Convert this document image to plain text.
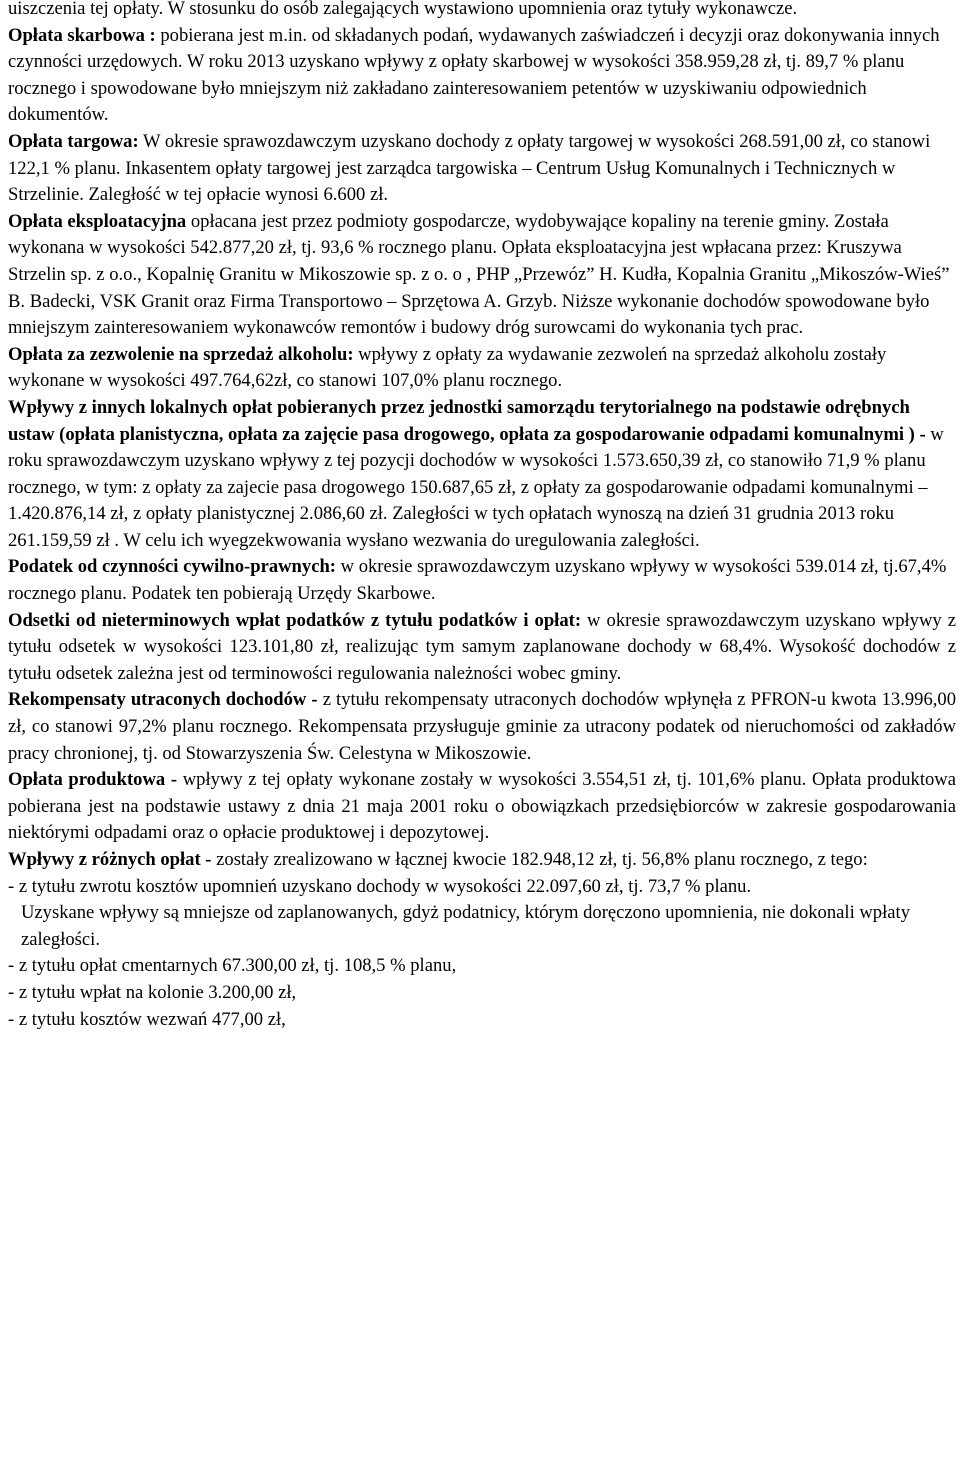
uiszczenia tej opłaty. W stosunku do osób zalegających wystawiono upomnienia oraz tytuły wykonawcze.

Opłata skarbowa : pobierana jest m.in. od składanych podań, wydawanych zaświadczeń i decyzji oraz dokonywania innych czynności urzędowych. W roku 2013 uzyskano wpływy z opłaty skarbowej w wysokości 358.959,28 zł, tj. 89,7 % planu rocznego i spowodowane było mniejszym niż zakładano zainteresowaniem petentów w uzyskiwaniu odpowiednich dokumentów.

Opłata targowa: W okresie sprawozdawczym uzyskano dochody z opłaty targowej w wysokości 268.591,00 zł, co stanowi 122,1 % planu. Inkasentem opłaty targowej jest zarządca targowiska – Centrum Usług Komunalnych i Technicznych w Strzelinie. Zaległość w tej opłacie wynosi 6.600 zł.

Opłata eksploatacyjna opłacana jest przez podmioty gospodarcze, wydobywające kopaliny na terenie gminy. Została wykonana w wysokości 542.877,20 zł, tj. 93,6 % rocznego planu. Opłata eksploatacyjna jest wpłacana przez: Kruszywa Strzelin sp. z o.o., Kopalnię Granitu w Mikoszowie sp. z o. o , PHP „Przewóz” H. Kudła, Kopalnia Granitu „Mikoszów-Wieś” B. Badecki, VSK Granit oraz Firma Transportowo – Sprzętowa A. Grzyb. Niższe wykonanie dochodów spowodowane było mniejszym zainteresowaniem wykonawców remontów i budowy dróg surowcami do wykonania tych prac.

Opłata za zezwolenie na sprzedaż alkoholu: wpływy z opłaty za wydawanie zezwoleń na sprzedaż alkoholu zostały wykonane w wysokości 497.764,62zł, co stanowi 107,0% planu rocznego.

Wpływy z innych lokalnych opłat pobieranych przez jednostki samorządu terytorialnego na podstawie odrębnych ustaw (opłata planistyczna, opłata za zajęcie pasa drogowego, opłata za gospodarowanie odpadami komunalnymi ) - w roku sprawozdawczym uzyskano wpływy z tej pozycji dochodów w wysokości 1.573.650,39 zł, co stanowiło 71,9 % planu rocznego, w tym: z opłaty za zajecie pasa drogowego 150.687,65 zł, z opłaty za gospodarowanie odpadami komunalnymi – 1.420.876,14 zł, z opłaty planistycznej 2.086,60 zł. Zaległości w tych opłatach wynoszą na dzień 31 grudnia 2013 roku 261.159,59 zł . W celu ich wyegzekwowania wysłano wezwania do uregulowania zaległości.

Podatek od czynności cywilno-prawnych: w okresie sprawozdawczym uzyskano wpływy w wysokości 539.014 zł, tj.67,4% rocznego planu. Podatek ten pobierają Urzędy Skarbowe.

Odsetki od nieterminowych wpłat podatków z tytułu podatków i opłat: w okresie sprawozdawczym uzyskano wpływy z tytułu odsetek w wysokości 123.101,80 zł, realizując tym samym zaplanowane dochody w 68,4%. Wysokość dochodów z tytułu odsetek zależna jest od terminowości regulowania należności wobec gminy.

Rekompensaty utraconych dochodów - z tytułu rekompensaty utraconych dochodów wpłynęła z PFRON-u kwota 13.996,00 zł, co stanowi 97,2% planu rocznego. Rekompensata przysługuje gminie za utracony podatek od nieruchomości od zakładów pracy chronionej, tj. od Stowarzyszenia Św. Celestyna w Mikoszowie.

Opłata produktowa - wpływy z tej opłaty wykonane zostały w wysokości 3.554,51 zł, tj. 101,6% planu. Opłata produktowa pobierana jest na podstawie ustawy z dnia 21 maja 2001 roku o obowiązkach przedsiębiorców w zakresie gospodarowania niektórymi odpadami oraz o opłacie produktowej i depozytowej.

Wpływy z różnych opłat - zostały zrealizowano w łącznej kwocie 182.948,12 zł, tj. 56,8% planu rocznego, z tego:

- z tytułu zwrotu kosztów upomnień uzyskano dochody w wysokości 22.097,60 zł, tj. 73,7 % planu.

Uzyskane wpływy są mniejsze od zaplanowanych, gdyż podatnicy, którym doręczono upomnienia, nie dokonali wpłaty zaległości.

- z tytułu opłat cmentarnych 67.300,00 zł, tj. 108,5 % planu,

- z tytułu wpłat na kolonie 3.200,00 zł,

- z tytułu kosztów wezwań 477,00 zł,
